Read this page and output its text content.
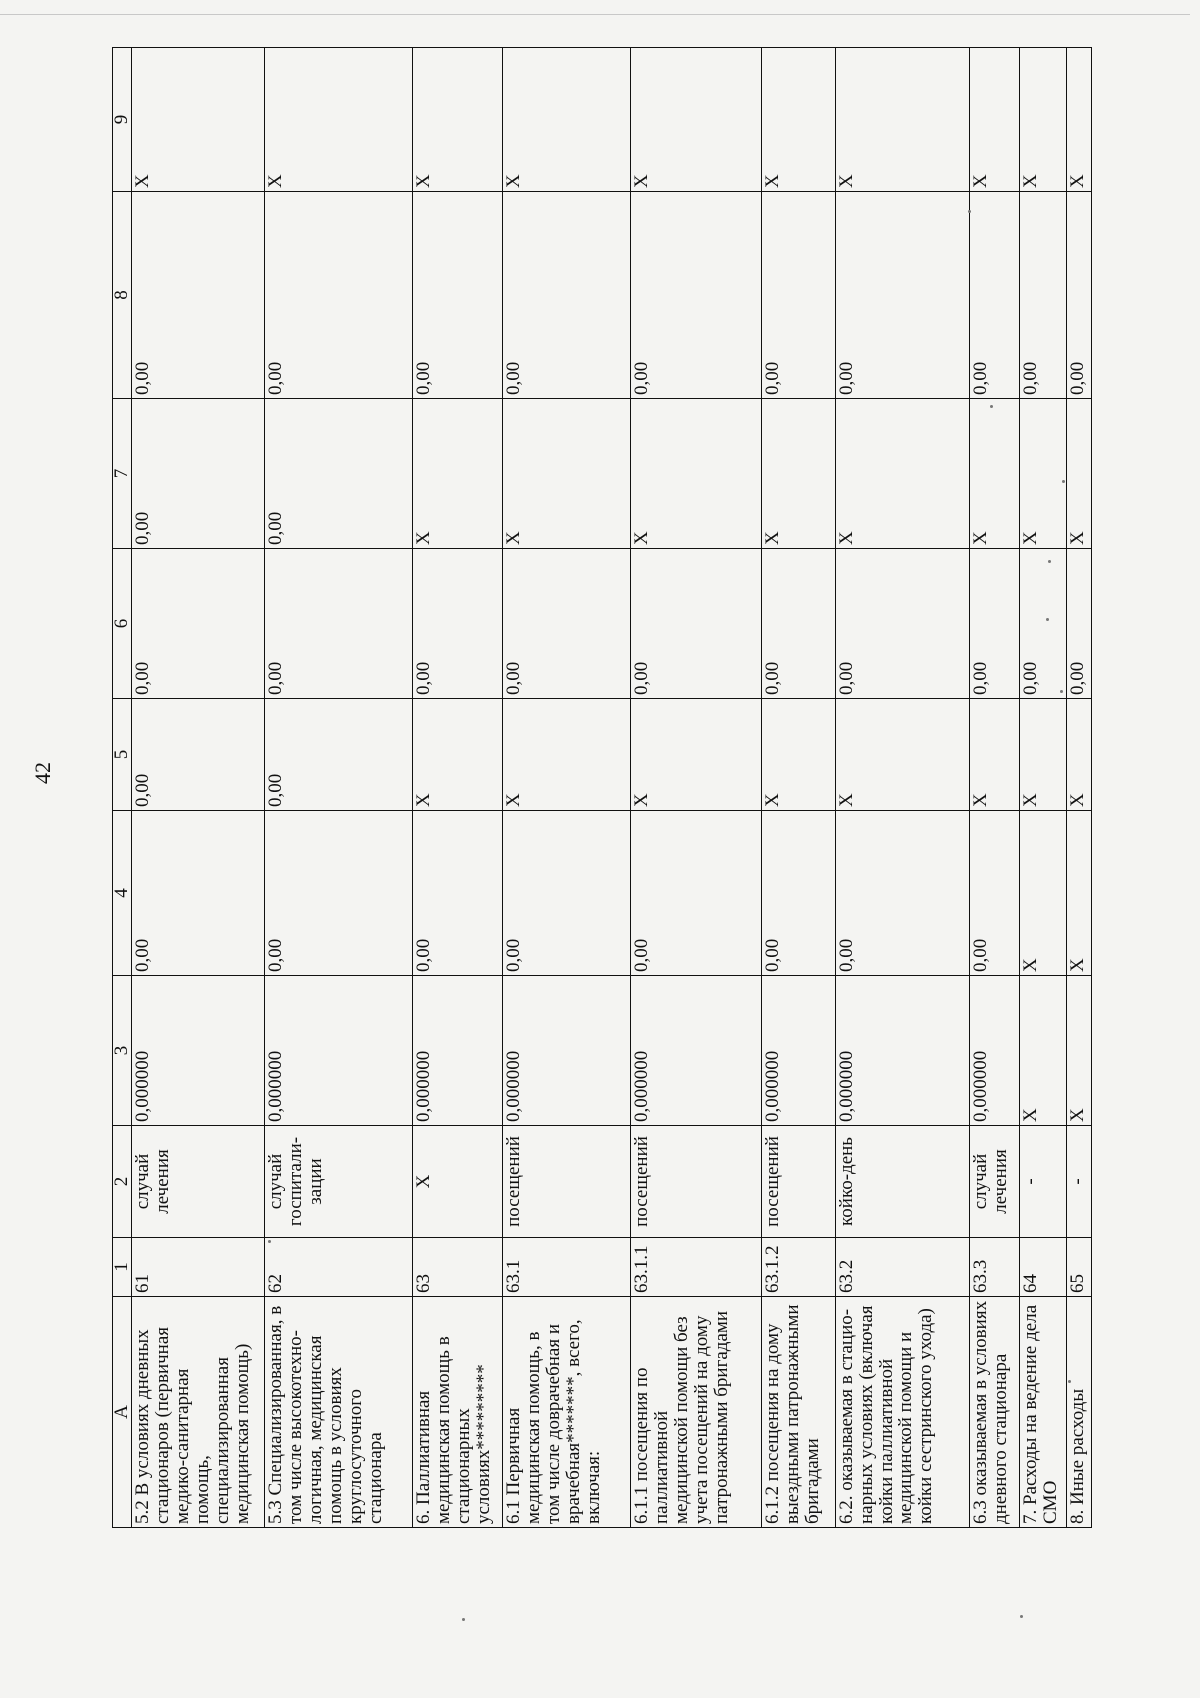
42
А	1	2	3	4	5	6	7	8	9
5.2 В условиях дневных стационаров (первичная медико-санитарная помощь, специализированная медицинская помощь)	61	случай лечения	0,000000	0,00	0,00	0,00	0,00	0,00	X
5.3 Специализированная, в том числе высокотехно-логичная, медицинская помощь в условиях круглосуточного стационара	62	случай госпитали-зации	0,000000	0,00	0,00	0,00	0,00	0,00	X
6. Паллиативная медицинская помощь в стационарных условиях*********	63	X	0,000000	0,00	X	0,00	X	0,00	X
6.1 Первичная медицинская помощь, в том числе доврачебная и врачебная*******, всего, включая:	63.1	посещений	0,000000	0,00	X	0,00	X	0,00	X
6.1.1 посещения по паллиативной медицинской помощи без учета посещений на дому патронажными бригадами	63.1.1	посещений	0,000000	0,00	X	0,00	X	0,00	X
6.1.2 посещения на дому выездными патронажными бригадами	63.1.2	посещений	0,000000	0,00	X	0,00	X	0,00	X
6.2. оказываемая в стацио-нарных условиях (включая койки паллиативной медицинской помощи и койки сестринского ухода)	63.2	койко-день	0,000000	0,00	X	0,00	X	0,00	X
6.3 оказываемая в условиях дневного стационара	63.3	случай лечения	0,000000	0,00	X	0,00	X	0,00	X
7. Расходы на ведение дела СМО	64	-	X	X	X	0,00	X	0,00	X
8. Иные расходы	65	-	X	X	X	0,00	X	0,00	X
